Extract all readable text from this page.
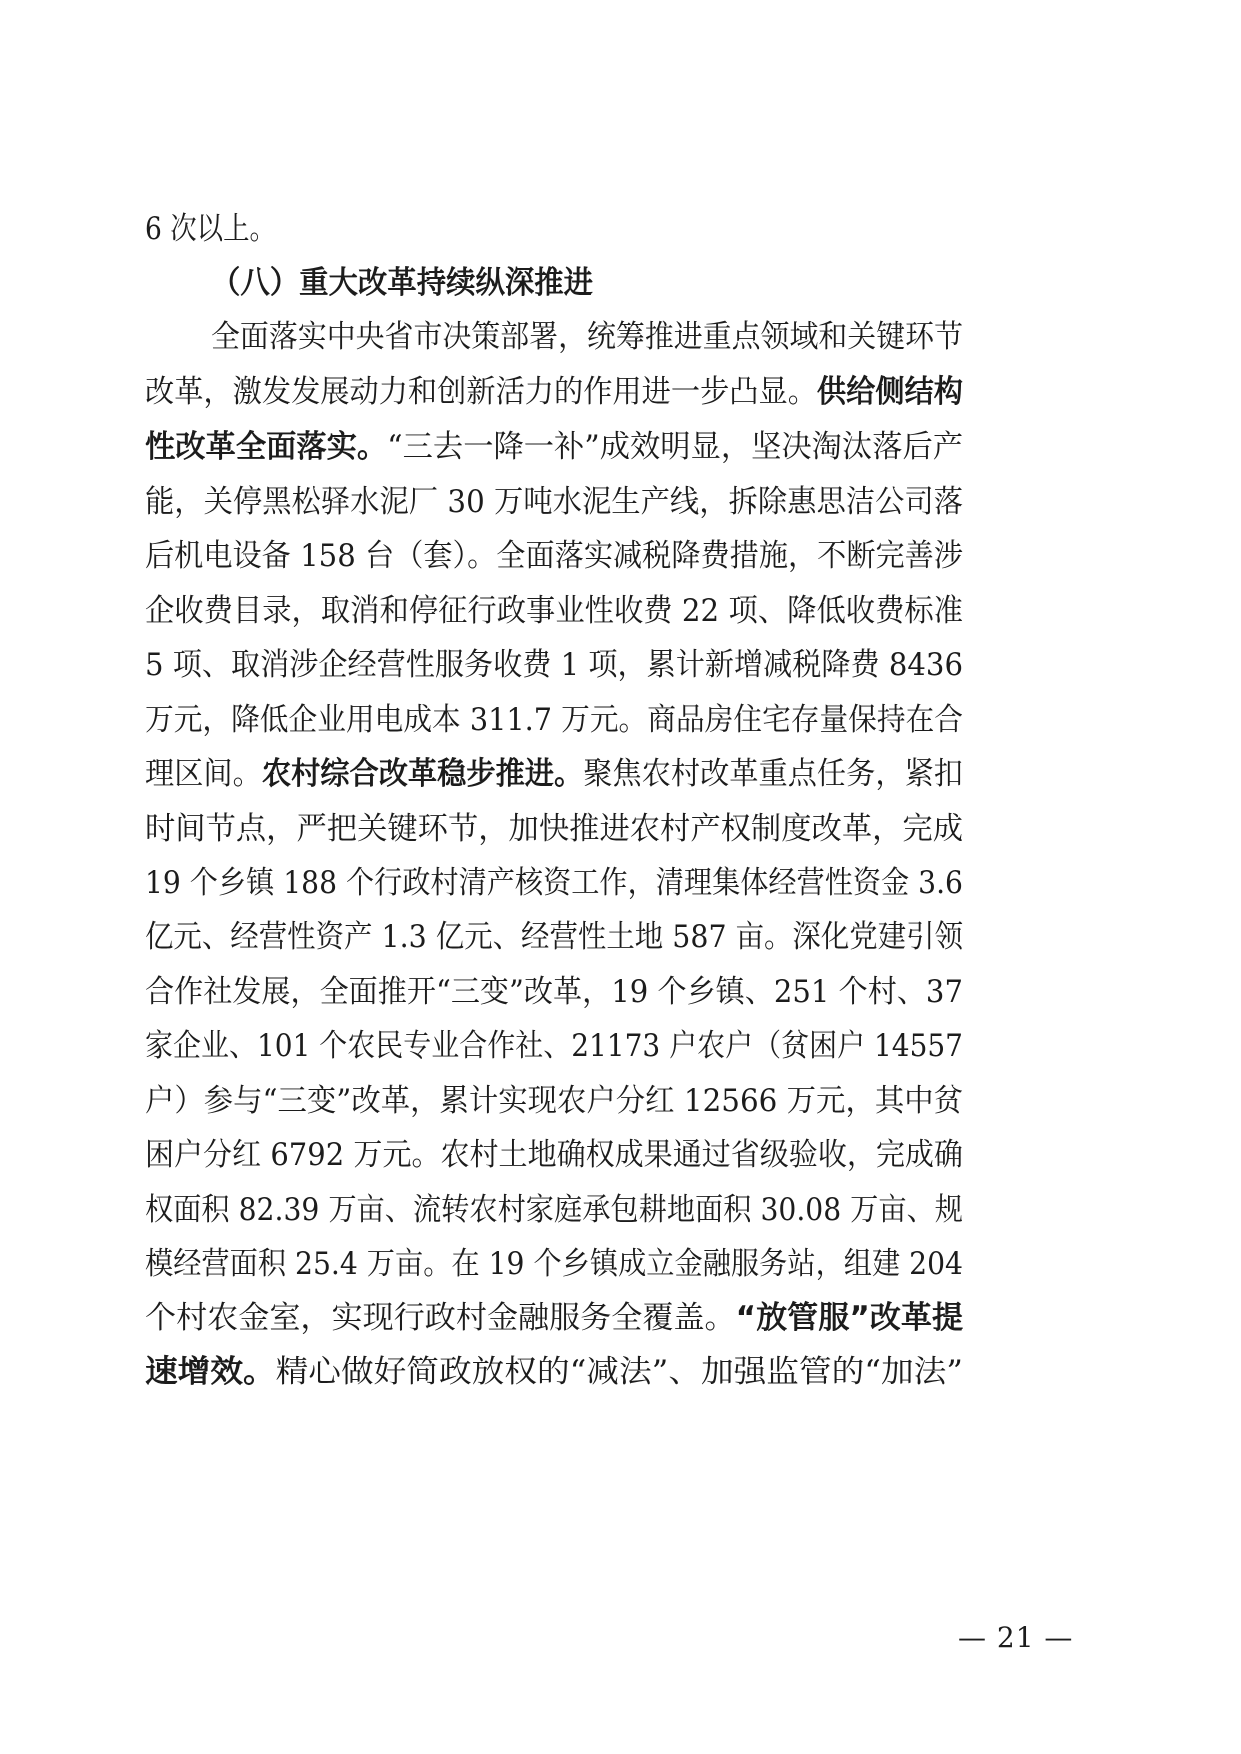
6 次以上。
（八）重大改革持续纵深推进
全面落实中央省市决策部署，统筹推进重点领域和关键环节
改革，激发发展动力和创新活力的作用进一步凸显。供给侧结构
性改革全面落实。“三去一降一补”成效明显，坚决淘汰落后产
能，关停黑松驿水泥厂 30 万吨水泥生产线，拆除惠思洁公司落
后机电设备 158 台（套）。全面落实减税降费措施，不断完善涉
企收费目录，取消和停征行政事业性收费 22 项、降低收费标准
5 项、取消涉企经营性服务收费 1 项，累计新增减税降费 8436
万元，降低企业用电成本 311.7 万元。商品房住宅存量保持在合
理区间。农村综合改革稳步推进。聚焦农村改革重点任务，紧扣
时间节点，严把关键环节，加快推进农村产权制度改革，完成
19 个乡镇 188 个行政村清产核资工作，清理集体经营性资金 3.6
亿元、经营性资产 1.3 亿元、经营性土地 587 亩。深化党建引领
合作社发展，全面推开“三变”改革，19 个乡镇、251 个村、37
家企业、101 个农民专业合作社、21173 户农户（贫困户 14557
户）参与“三变”改革，累计实现农户分红 12566 万元，其中贫
困户分红 6792 万元。农村土地确权成果通过省级验收，完成确
权面积 82.39 万亩、流转农村家庭承包耕地面积 30.08 万亩、规
模经营面积 25.4 万亩。在 19 个乡镇成立金融服务站，组建 204
个村农金室，实现行政村金融服务全覆盖。“放管服”改革提
速增效。精心做好简政放权的“减法”、加强监管的“加法”
— 21 —
